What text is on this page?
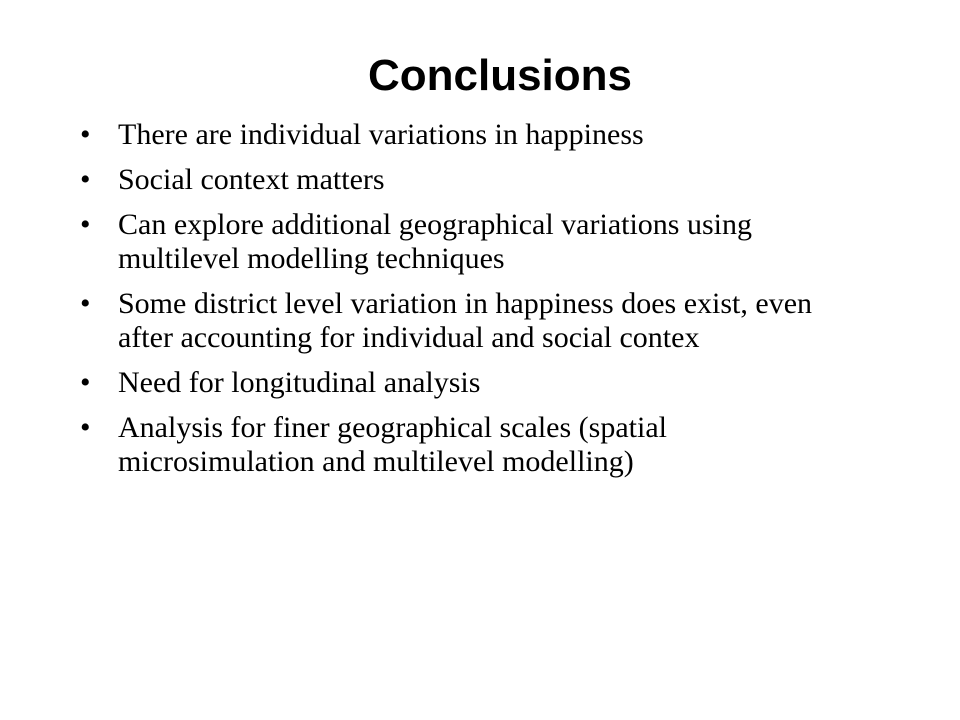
Conclusions
• There are individual variations in happiness
• Social context matters
• Can explore additional geographical variations using multilevel modelling techniques
• Some district level variation in happiness does exist, even after accounting for individual and social contex
• Need for longitudinal analysis
• Analysis for finer geographical scales (spatial microsimulation and multilevel modelling)
